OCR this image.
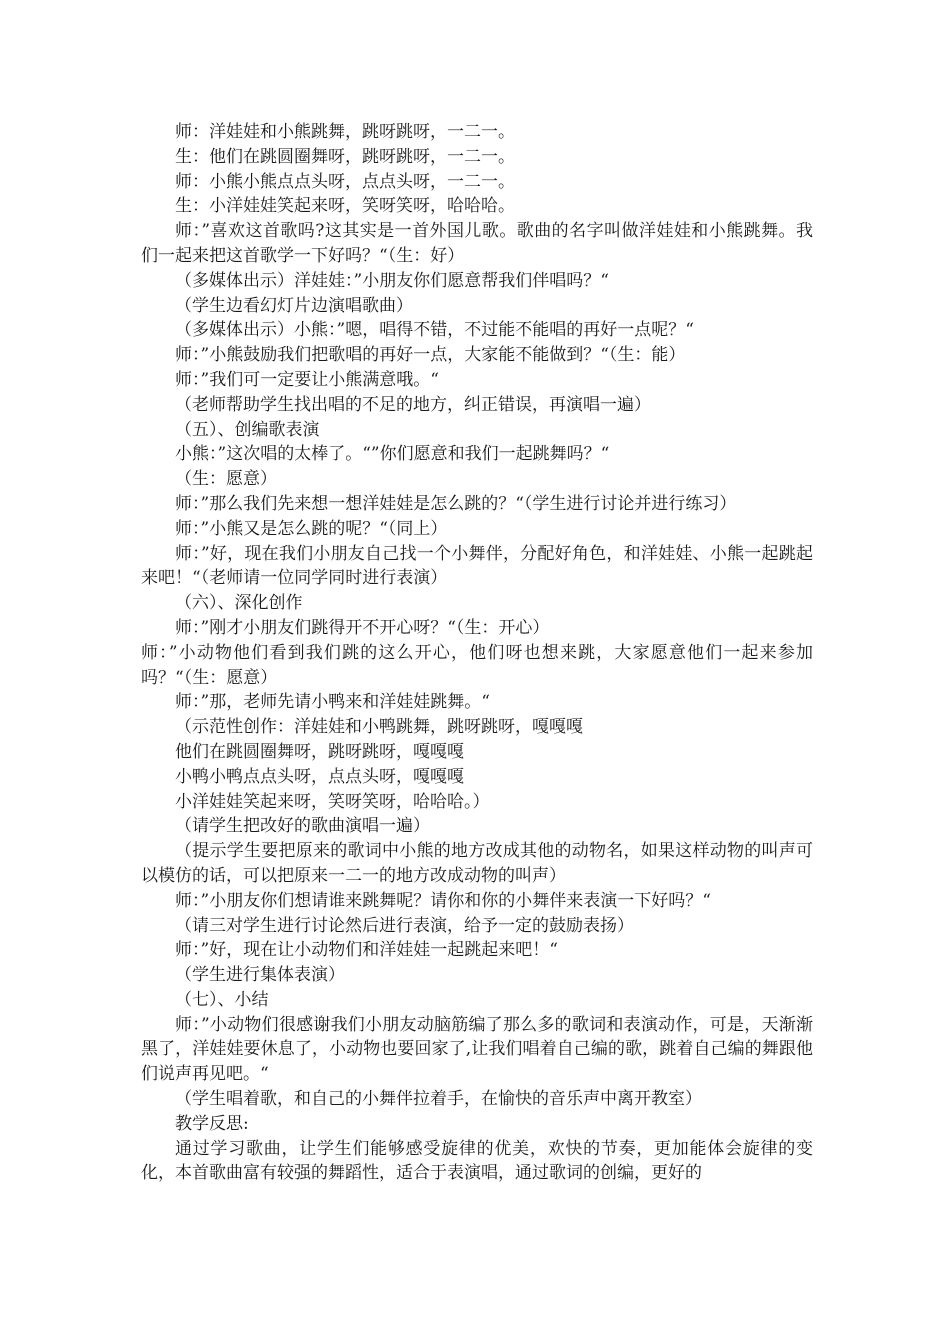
师：洋娃娃和小熊跳舞，跳呀跳呀，一二一。

生：他们在跳圆圈舞呀，跳呀跳呀，一二一。

师：小熊小熊点点头呀，点点头呀，一二一。

生：小洋娃娃笑起来呀，笑呀笑呀，哈哈哈。

师：”喜欢这首歌吗?这其实是一首外国儿歌。歌曲的名字叫做洋娃娃和小熊跳舞。我们一起来把这首歌学一下好吗？“（生：好）

（多媒体出示）洋娃娃：”小朋友你们愿意帮我们伴唱吗？“

（学生边看幻灯片边演唱歌曲）

（多媒体出示）小熊：”嗯，唱得不错，不过能不能唱的再好一点呢？“

师：”小熊鼓励我们把歌唱的再好一点，大家能不能做到？“（生：能）

师：”我们可一定要让小熊满意哦。“

（老师帮助学生找出唱的不足的地方，纠正错误，再演唱一遍）

（五）、创编歌表演

小熊：”这次唱的太棒了。“”你们愿意和我们一起跳舞吗？“

（生：愿意）

师：”那么我们先来想一想洋娃娃是怎么跳的？“（学生进行讨论并进行练习）

师：”小熊又是怎么跳的呢？“（同上）

师：”好，现在我们小朋友自己找一个小舞伴，分配好角色，和洋娃娃、小熊一起跳起来吧！“（老师请一位同学同时进行表演）

（六）、深化创作

师：”刚才小朋友们跳得开不开心呀？“（生：开心）

师：”小动物他们看到我们跳的这么开心，他们呀也想来跳，大家愿意他们一起来参加吗？“（生：愿意）

师：”那，老师先请小鸭来和洋娃娃跳舞。“

（示范性创作：洋娃娃和小鸭跳舞，跳呀跳呀，嘎嘎嘎

他们在跳圆圈舞呀，跳呀跳呀，嘎嘎嘎

小鸭小鸭点点头呀，点点头呀，嘎嘎嘎

小洋娃娃笑起来呀，笑呀笑呀，哈哈哈。）

（请学生把改好的歌曲演唱一遍）

（提示学生要把原来的歌词中小熊的地方改成其他的动物名，如果这样动物的叫声可以模仿的话，可以把原来一二一的地方改成动物的叫声）

师：”小朋友你们想请谁来跳舞呢？请你和你的小舞伴来表演一下好吗？“

（请三对学生进行讨论然后进行表演，给予一定的鼓励表扬）

师：”好，现在让小动物们和洋娃娃一起跳起来吧！“

（学生进行集体表演）

（七）、小结

师：”小动物们很感谢我们小朋友动脑筋编了那么多的歌词和表演动作，可是，天渐渐黑了，洋娃娃要休息了，小动物也要回家了,让我们唱着自己编的歌，跳着自己编的舞跟他们说声再见吧。“

（学生唱着歌，和自己的小舞伴拉着手，在愉快的音乐声中离开教室）

教学反思:

通过学习歌曲，让学生们能够感受旋律的优美，欢快的节奏，更加能体会旋律的变化，本首歌曲富有较强的舞蹈性，适合于表演唱，通过歌词的创编，更好的
